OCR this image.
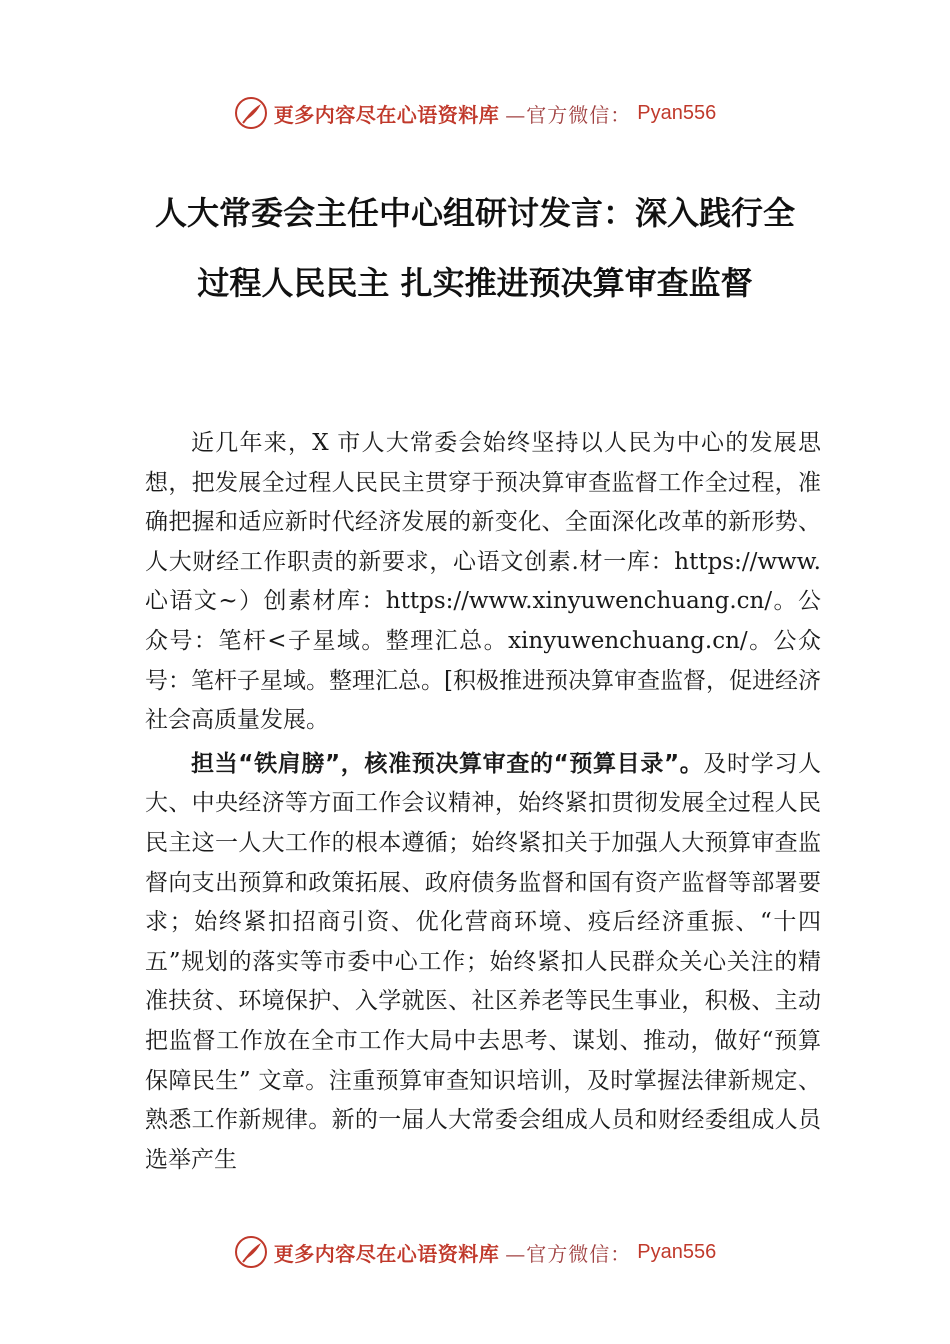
更多内容尽在心语资料库 —官方微信： Pyan556
人大常委会主任中心组研讨发言：深入践行全过程人民民主 扎实推进预决算审查监督

近几年来，X 市人大常委会始终坚持以人民为中心的发展思想，把发展全过程人民民主贯穿于预决算审查监督工作全过程，准确把握和适应新时代经济发展的新变化、全面深化改革的新形势、人大财经工作职责的新要求，心语文创素.材一库：https://www.心语文~）创素材库：https://www.xinyuwenchuang.cn/。公众号：笔杆<子星域。整理汇总。xinyuwenchuang.cn/。公众号：笔杆子星域。整理汇总。[积极推进预决算审查监督，促进经济社会高质量发展。

担当“铁肩膀”，核准预决算审查的“预算目录”。及时学习人大、中央经济等方面工作会议精神，始终紧扣贯彻发展全过程人民民主这一人大工作的根本遵循；始终紧扣关于加强人大预算审查监督向支出预算和政策拓展、政府债务监督和国有资产监督等部署要求；始终紧扣招商引资、优化营商环境、疫后经济重振、“十四五”规划的落实等市委中心工作；始终紧扣人民群众关心关注的精准扶贫、环境保护、入学就医、社区养老等民生事业，积极、主动把监督工作放在全市工作大局中去思考、谋划、推动，做好“预算保障民生” 文章。注重预算审查知识培训，及时掌握法律新规定、熟悉工作新规律。新的一届人大常委会组成人员和财经委组成人员选举产生

更多内容尽在心语资料库 —官方微信： Pyan556
